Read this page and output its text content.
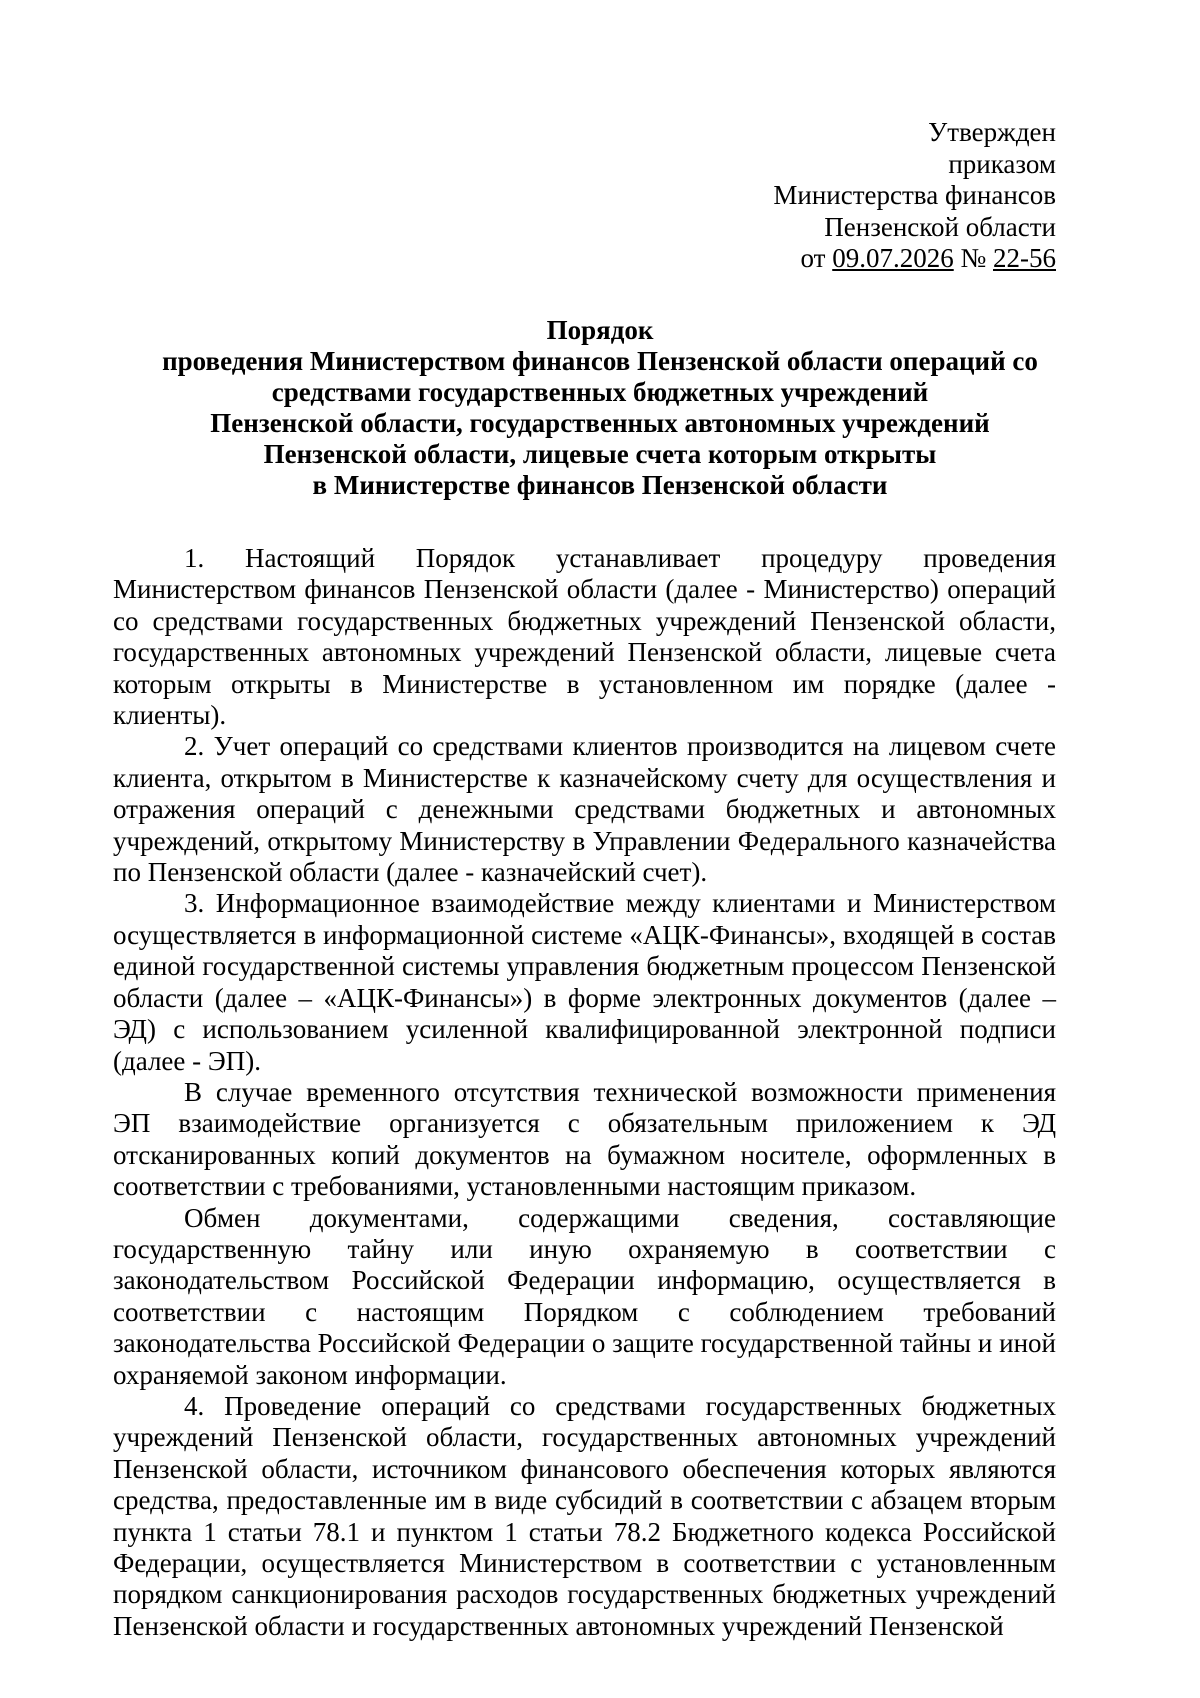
Утвержден
приказом
Министерства финансов
Пензенской области
от 09.07.2026 № 22-56
Порядок
проведения Министерством финансов Пензенской области операций со
средствами государственных бюджетных учреждений
Пензенской области, государственных автономных учреждений
Пензенской области, лицевые счета которым открыты
в Министерстве финансов Пензенской области

1. Настоящий Порядок устанавливает процедуру проведения Министерством финансов Пензенской области (далее - Министерство) операций со средствами государственных бюджетных учреждений Пензенской области, государственных автономных учреждений Пензенской области, лицевые счета которым открыты в Министерстве в установленном им порядке (далее - клиенты).

2. Учет операций со средствами клиентов производится на лицевом счете клиента, открытом в Министерстве к казначейскому счету для осуществления и отражения операций с денежными средствами бюджетных и автономных учреждений, открытому Министерству в Управлении Федерального казначейства по Пензенской области (далее - казначейский счет).

3. Информационное взаимодействие между клиентами и Министерством осуществляется в информационной системе «АЦК-Финансы», входящей в состав единой государственной системы управления бюджетным процессом Пензенской области (далее – «АЦК-Финансы») в форме электронных документов (далее – ЭД) с использованием усиленной квалифицированной электронной подписи (далее - ЭП).

В случае временного отсутствия технической возможности применения ЭП взаимодействие организуется с обязательным приложением к ЭД отсканированных копий документов на бумажном носителе, оформленных в соответствии с требованиями, установленными настоящим приказом.

Обмен документами, содержащими сведения, составляющие государственную тайну или иную охраняемую в соответствии с законодательством Российской Федерации информацию, осуществляется в соответствии с настоящим Порядком с соблюдением требований законодательства Российской Федерации о защите государственной тайны и иной охраняемой законом информации.

4. Проведение операций со средствами государственных бюджетных учреждений Пензенской области, государственных автономных учреждений Пензенской области, источником финансового обеспечения которых являются средства, предоставленные им в виде субсидий в соответствии с абзацем вторым пункта 1 статьи 78.1 и пунктом 1 статьи 78.2 Бюджетного кодекса Российской Федерации, осуществляется Министерством в соответствии с установленным порядком санкционирования расходов государственных бюджетных учреждений Пензенской области и государственных автономных учреждений Пензенской
